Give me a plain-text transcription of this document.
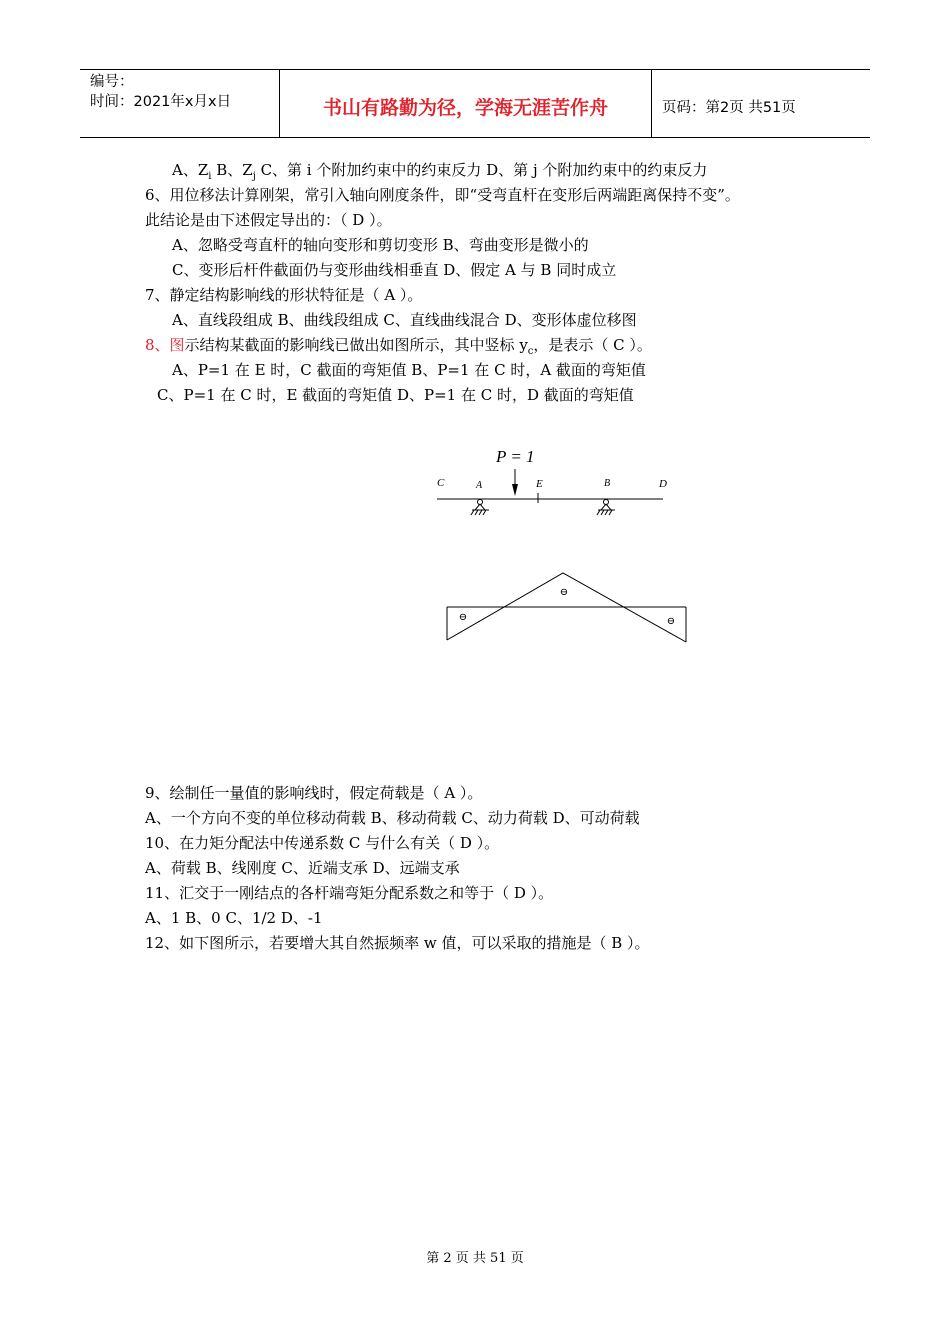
编号：
时间：2021年x月x日	书山有路勤为径，学海无涯苦作舟	页码：第2页 共51页
A、$Z_i$ B、$Z_j$ C、第 i 个附加约束中的约束反力 D、第 j 个附加约束中的约束反力
6、用位移法计算刚架，常引入轴向刚度条件，即“受弯直杆在变形后两端距离保持不变”。
此结论是由下述假定导出的：（ D ）。
A、忽略受弯直杆的轴向变形和剪切变形 B、弯曲变形是微小的
C、变形后杆件截面仍与变形曲线相垂直 D、假定 A 与 B 同时成立
7、静定结构影响线的形状特征是（ A ）。
A、直线段组成 B、曲线段组成 C、直线曲线混合 D、变形体虚位移图
8、图示结构某截面的影响线已做出如图所示，其中竖标 $y_c$，是表示（ C ）。
A、P=1 在 E 时，C 截面的弯矩值 B、P=1 在 C 时，A 截面的弯矩值
C、P=1 在 C 时，E 截面的弯矩值 D、P=1 在 C 时，D 截面的弯矩值
P = 1
C	A	E	B	D
⊖
⊖
⊖
9、绘制任一量值的影响线时，假定荷载是（ A ）。
A、一个方向不变的单位移动荷载 B、移动荷载 C、动力荷载 D、可动荷载
10、在力矩分配法中传递系数 C 与什么有关（ D ）。
A、荷载 B、线刚度 C、近端支承 D、远端支承
11、汇交于一刚结点的各杆端弯矩分配系数之和等于（ D ）。
A、1 B、0 C、1/2 D、-1
12、如下图所示，若要增大其自然振频率 w 值，可以采取的措施是（ B ）。
第 2 页 共 51 页
